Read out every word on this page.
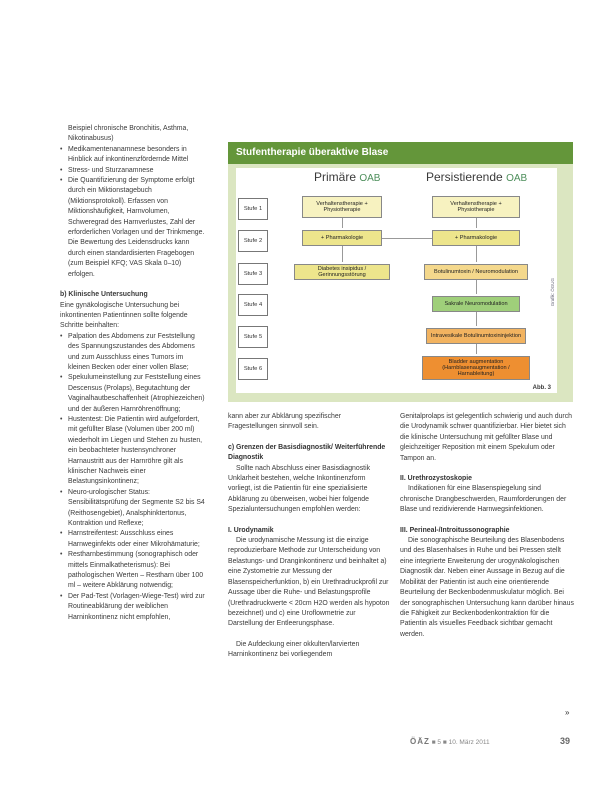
Beispiel chronische Bronchitis, Asthma, Nikotinabusus)
• Medikamentenanamnese besonders in Hinblick auf inkontinenzfördernde Mittel
• Stress- und Sturzanamnese
• Die Quantifizierung der Symptome erfolgt durch ein Miktionstagebuch (Miktionsprotokoll). Erfassen von Miktionshäufigkeit, Harnvolumen, Schweregrad des Harnverlustes, Zahl der erforderlichen Vorlagen und der Trinkmenge. Die Bewertung des Leidensdrucks kann durch einen standardisierten Fragebogen (zum Beispiel KFQ; VAS Skala 0–10) erfolgen.
b) Klinische Untersuchung
Eine gynäkologische Untersuchung bei inkontinenten Patientinnen sollte folgende Schritte beinhalten:
• Palpation des Abdomens zur Feststellung des Spannungszustandes des Abdomens und zum Ausschluss eines Tumors im kleinen Becken oder einer vollen Blase;
• Spekulumeinstellung zur Feststellung eines Descensus (Prolaps), Begutachtung der Vaginalhautbeschaffenheit (Atrophiezeichen) und der äußeren Harnröhrenöffnung;
• Hustentest: Die Patientin wird aufgefordert, mit gefüllter Blase (Volumen über 200 ml) wiederholt im Liegen und Stehen zu husten, ein beobachteter hustensynchroner Harnaustritt aus der Harnröhre gilt als klinischer Nachweis einer Belastungsinkontinenz;
• Neuro-urologischer Status: Sensibilitätsprüfung der Segmente S2 bis S4 (Reithosengebiet), Analsphinktertonus, Kontraktion und Reflexe;
• Harnstreifentest: Ausschluss eines Harnweginfekts oder einer Mikrohämaturie;
• Restharnbestimmung (sonographisch oder mittels Einmalkatheterismus): Bei pathologischen Werten – Restharn über 100 ml – weitere Abklärung notwendig;
• Der Pad-Test (Vorlagen-Wiege-Test) wird zur Routineabklärung der weiblichen Harninkontinenz nicht empfohlen,
Stufentherapie überaktive Blase
Primäre OAB	Persistierende OAB
Stufe 1
Stufe 2
Stufe 3
Stufe 4
Stufe 5
Stufe 6
Verhaltenstherapie + Physiotherapie
+ Pharmakologie
Diabetes insipidus / Gerinnungsstörung
Verhaltenstherapie + Physiotherapie
+ Pharmakologie
Botulinumtoxin / Neuromodulation
Sakrale Neuromodulation
Intravesikale Botulinumtoxininjektion
Bladder augmentation (Harnblasenaugmentation / Harnableitung)
Grafik: ÖGUG
Abb. 3
kann aber zur Abklärung spezifischer Fragestellungen sinnvoll sein.
c) Grenzen der Basisdiagnostik/ Weiterführende Diagnostik
Sollte nach Abschluss einer Basisdiagnostik Unklarheit bestehen, welche Inkontinenzform vorliegt, ist die Patientin für eine spezialisierte Abklärung zu überweisen, wobei hier folgende Spezialuntersuchungen empfohlen werden:
I. Urodynamik
Die urodynamische Messung ist die einzige reproduzierbare Methode zur Unterscheidung von Belastungs- und Dranginkontinenz und beinhaltet a) eine Zystometrie zur Messung der Blasenspeicherfunktion, b) ein Urethradruckprofil zur Aussage über die Ruhe- und Belastungsprofile (Urethradruckwerte < 20cm H2O werden als hypoton bezeichnet) und c) eine Uroflowmetrie zur Darstellung der Entleerungsphase.
Die Aufdeckung einer okkulten/larvierten Harninkontinenz bei vorliegendem
Genitalprolaps ist gelegentlich schwierig und auch durch die Urodynamik schwer quantifizierbar. Hier bietet sich die klinische Untersuchung mit gefüllter Blase und gleichzeitiger Reposition mit einem Spekulum oder Tampon an.
II. Urethrozystoskopie
Indikationen für eine Blasenspiegelung sind chronische Drangbeschwerden, Raumforderungen der Blase und rezidivierende Harnwegsinfektionen.
III. Perineal-/Introitussonographie
Die sonographische Beurteilung des Blasenbodens und des Blasenhalses in Ruhe und bei Pressen stellt eine integrierte Erweiterung der urogynäkologischen Diagnostik dar. Neben einer Aussage in Bezug auf die Mobilität der Patientin ist auch eine orientierende Beurteilung der Beckenbodenmuskulatur möglich. Bei der sonographischen Untersuchung kann darüber hinaus die Fähigkeit zur Beckenbodenkontraktion für die Patientin als visuelles Feedback sichtbar gemacht werden.
»
ÖÄZ ■ 5 ■ 10. März 2011	39
